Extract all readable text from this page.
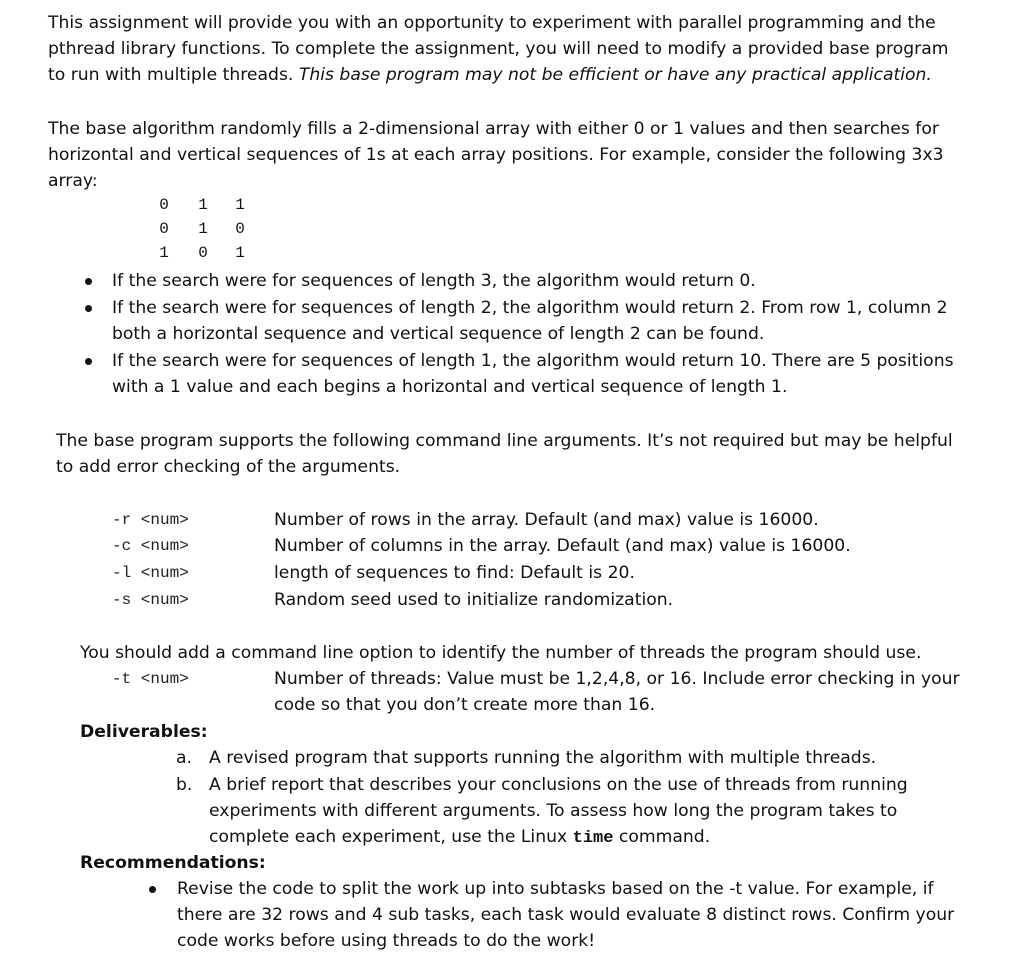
This assignment will provide you with an opportunity to experiment with parallel programming and the
pthread library functions. To complete the assignment, you will need to modify a provided base program
to run with multiple threads. This base program may not be efficient or have any practical application.
The base algorithm randomly fills a 2-dimensional array with either 0 or 1 values and then searches for
horizontal and vertical sequences of 1s at each array positions. For example, consider the following 3x3
array:
0 1 1
0 1 0
1 0 1
If the search were for sequences of length 3, the algorithm would return 0.
If the search were for sequences of length 2, the algorithm would return 2. From row 1, column 2
both a horizontal sequence and vertical sequence of length 2 can be found.
If the search were for sequences of length 1, the algorithm would return 10. There are 5 positions
with a 1 value and each begins a horizontal and vertical sequence of length 1.
The base program supports the following command line arguments. It’s not required but may be helpful
to add error checking of the arguments.
-r <num>	Number of rows in the array. Default (and max) value is 16000.
-c <num>	Number of columns in the array. Default (and max) value is 16000.
-l <num>	length of sequences to find: Default is 20.
-s <num>	Random seed used to initialize randomization.
You should add a command line option to identify the number of threads the program should use.
-t <num>	Number of threads: Value must be 1,2,4,8, or 16. Include error checking in your
code so that you don’t create more than 16.
Deliverables:
a. A revised program that supports running the algorithm with multiple threads.
b. A brief report that describes your conclusions on the use of threads from running
experiments with different arguments. To assess how long the program takes to
complete each experiment, use the Linux time command.
Recommendations:
Revise the code to split the work up into subtasks based on the -t value. For example, if
there are 32 rows and 4 sub tasks, each task would evaluate 8 distinct rows. Confirm your
code works before using threads to do the work!
